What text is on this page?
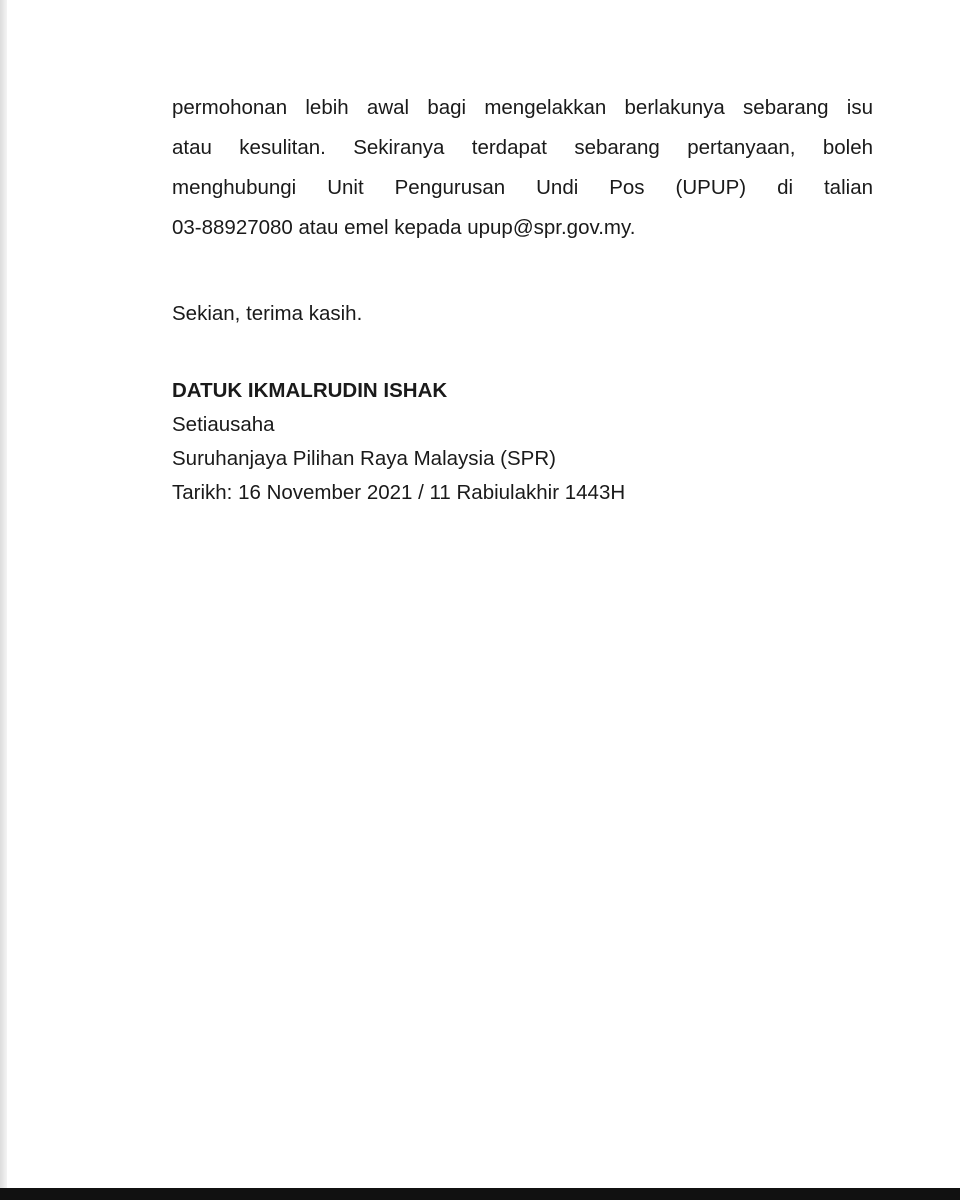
permohonan lebih awal bagi mengelakkan berlakunya sebarang isu
atau kesulitan. Sekiranya terdapat sebarang pertanyaan, boleh
menghubungi Unit Pengurusan Undi Pos (UPUP) di talian
03-88927080 atau emel kepada upup@spr.gov.my.

Sekian, terima kasih.

DATUK IKMALRUDIN ISHAK
Setiausaha
Suruhanjaya Pilihan Raya Malaysia (SPR)
Tarikh: 16 November 2021 / 11 Rabiulakhir 1443H
